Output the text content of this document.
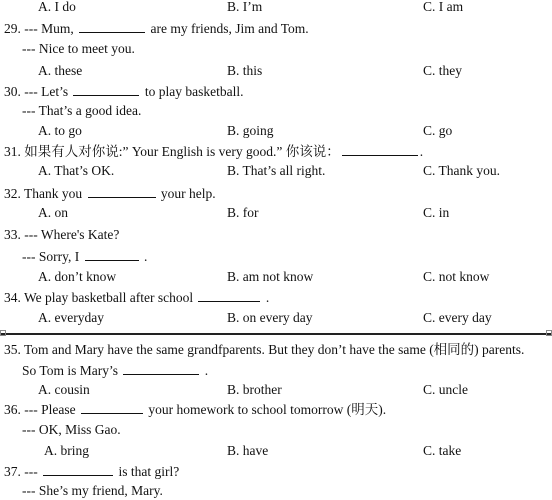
A. I do	B. I’m	C. I am
29. --- Mum,	are my friends, Jim and Tom.
--- Nice to meet you.
A. these	B. this	C. they
30. --- Let’s	to play basketball.
--- That’s a good idea.
A. to go	B. going	C. go
31. 如果有人对你说:” Your English is very good.” 你该说：	.
A. That’s OK.	B. That’s all right.	C. Thank you.
32. Thank you	your help.
A. on	B. for	C. in
33. --- Where's Kate?
--- Sorry, I	.
A. don’t know	B. am not know	C. not know
34. We play basketball after school	.
A. everyday	B. on every day	C. every day
35. Tom and Mary have the same grandfparents. But they don’t have the same (相同的) parents.
So Tom is Mary’s	.
A. cousin	B. brother	C. uncle
36. --- Please	your homework to school tomorrow (明天).
--- OK, Miss Gao.
A. bring	B. have	C. take
37. ---	is that girl?
--- She’s my friend, Mary.
